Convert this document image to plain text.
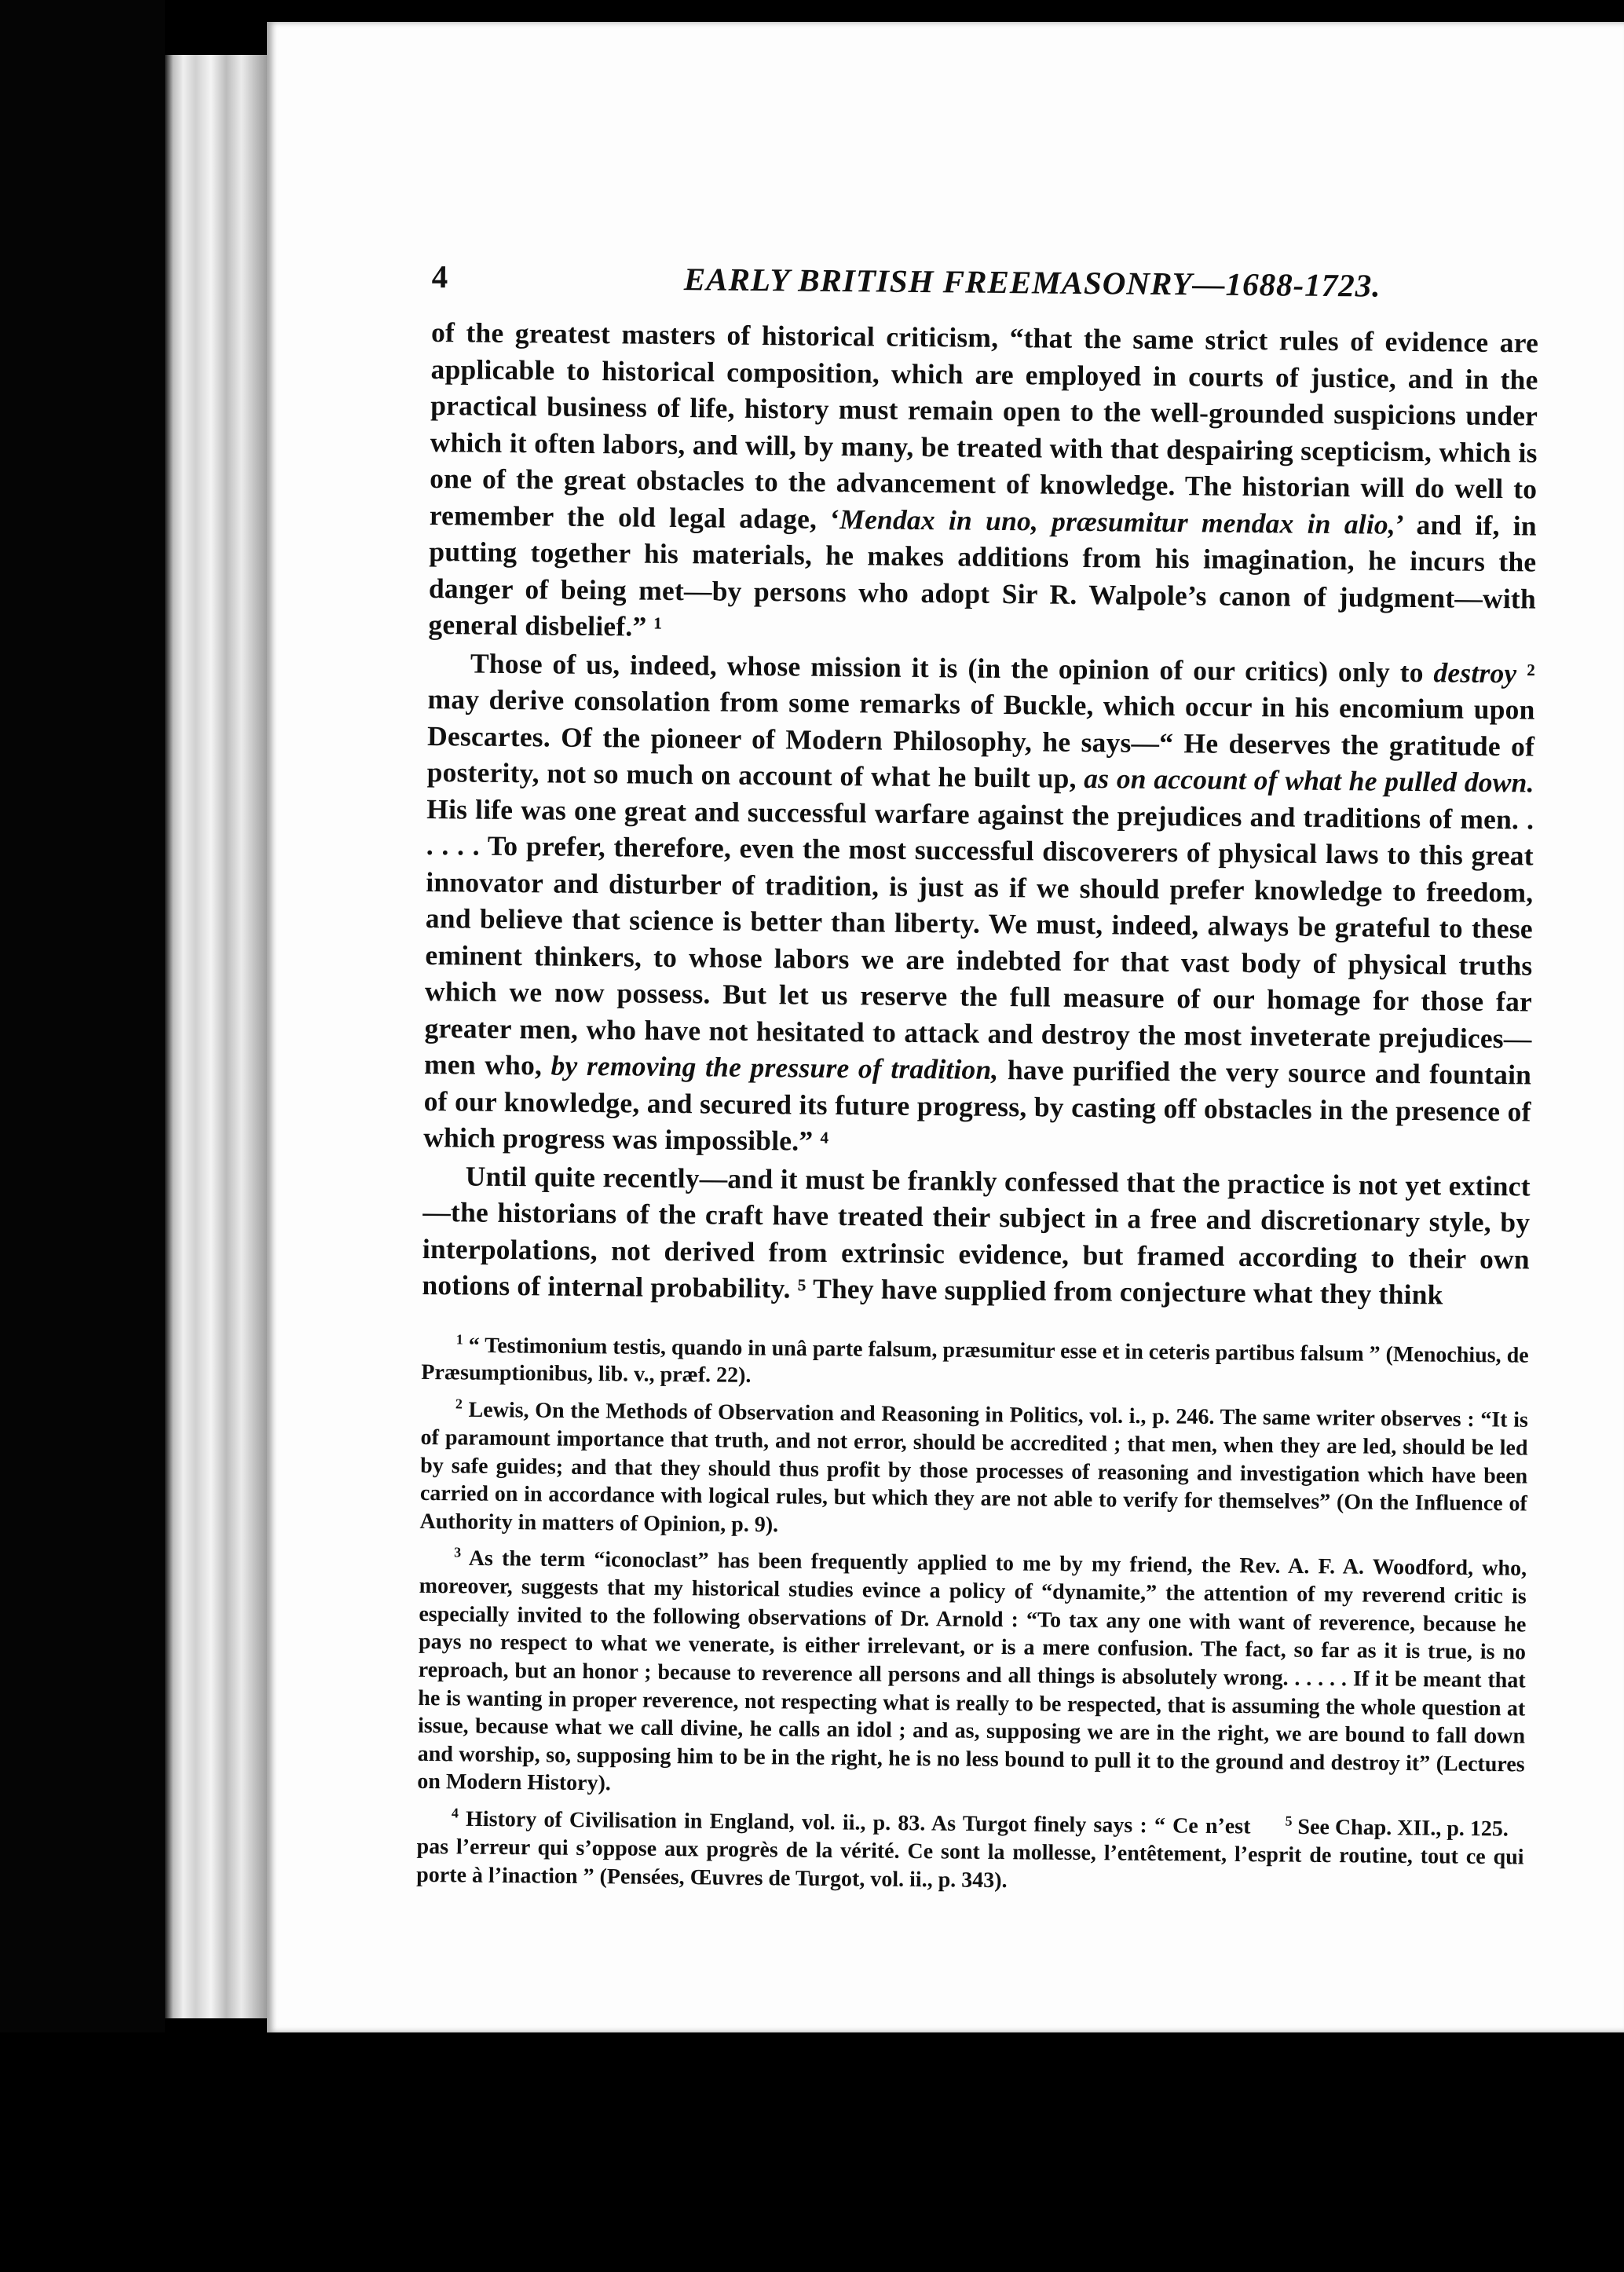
4	EARLY BRITISH FREEMASONRY—1688-1723.

of the greatest masters of historical criticism, “that the same strict rules of evidence are applicable to historical composition, which are employed in courts of justice, and in the practical business of life, history must remain open to the well-grounded suspicions under which it often labors, and will, by many, be treated with that despairing scepticism, which is one of the great obstacles to the advancement of knowledge. The historian will do well to remember the old legal adage, ‘Mendax in uno, præsumitur mendax in alio,’ and if, in putting together his materials, he makes additions from his imagination, he incurs the danger of being met—by persons who adopt Sir R. Walpole’s canon of judgment—with general disbelief.” ¹

Those of us, indeed, whose mission it is (in the opinion of our critics) only to destroy ² may derive consolation from some remarks of Buckle, which occur in his encomium upon Descartes. Of the pioneer of Modern Philosophy, he says—“ He deserves the gratitude of posterity, not so much on account of what he built up, as on account of what he pulled down. His life was one great and successful warfare against the prejudices and traditions of men. . . . . . To prefer, therefore, even the most successful discoverers of physical laws to this great innovator and disturber of tradition, is just as if we should prefer knowledge to freedom, and believe that science is better than liberty. We must, indeed, always be grateful to these eminent thinkers, to whose labors we are indebted for that vast body of physical truths which we now possess. But let us reserve the full measure of our homage for those far greater men, who have not hesitated to attack and destroy the most inveterate prejudices—men who, by removing the pressure of tradition, have purified the very source and fountain of our knowledge, and secured its future progress, by casting off obstacles in the presence of which progress was impossible.” ⁴

Until quite recently—and it must be frankly confessed that the practice is not yet extinct—the historians of the craft have treated their subject in a free and discretionary style, by interpolations, not derived from extrinsic evidence, but framed according to their own notions of internal probability. ⁵ They have supplied from conjecture what they think

$^1$ “ Testimonium testis, quando in unâ parte falsum, præsumitur esse et in ceteris partibus falsum ” (Menochius, de Præsumptionibus, lib. v., præf. 22).

$^2$ Lewis, On the Methods of Observation and Reasoning in Politics, vol. i., p. 246. The same writer observes : “It is of paramount importance that truth, and not error, should be accredited ; that men, when they are led, should be led by safe guides; and that they should thus profit by those processes of reasoning and investigation which have been carried on in accordance with logical rules, but which they are not able to verify for themselves” (On the Influence of Authority in matters of Opinion, p. 9).

$^3$ As the term “iconoclast” has been frequently applied to me by my friend, the Rev. A. F. A. Woodford, who, moreover, suggests that my historical studies evince a policy of “dynamite,” the attention of my reverend critic is especially invited to the following observations of Dr. Arnold : “To tax any one with want of reverence, because he pays no respect to what we venerate, is either irrelevant, or is a mere confusion. The fact, so far as it is true, is no reproach, but an honor ; because to reverence all persons and all things is absolutely wrong. . . . . . If it be meant that he is wanting in proper reverence, not respecting what is really to be respected, that is assuming the whole question at issue, because what we call divine, he calls an idol ; and as, supposing we are in the right, we are bound to fall down and worship, so, supposing him to be in the right, he is no less bound to pull it to the ground and destroy it” (Lectures on Modern History).

$^5$ See Chap. XII., p. 125.
$^4$ History of Civilisation in England, vol. ii., p. 83. As Turgot finely says : “ Ce n’est pas l’erreur qui s’oppose aux progrès de la vérité. Ce sont la mollesse, l’entêtement, l’esprit de routine, tout ce qui porte à l’inaction ” (Pensées, Œuvres de Turgot, vol. ii., p. 343).
